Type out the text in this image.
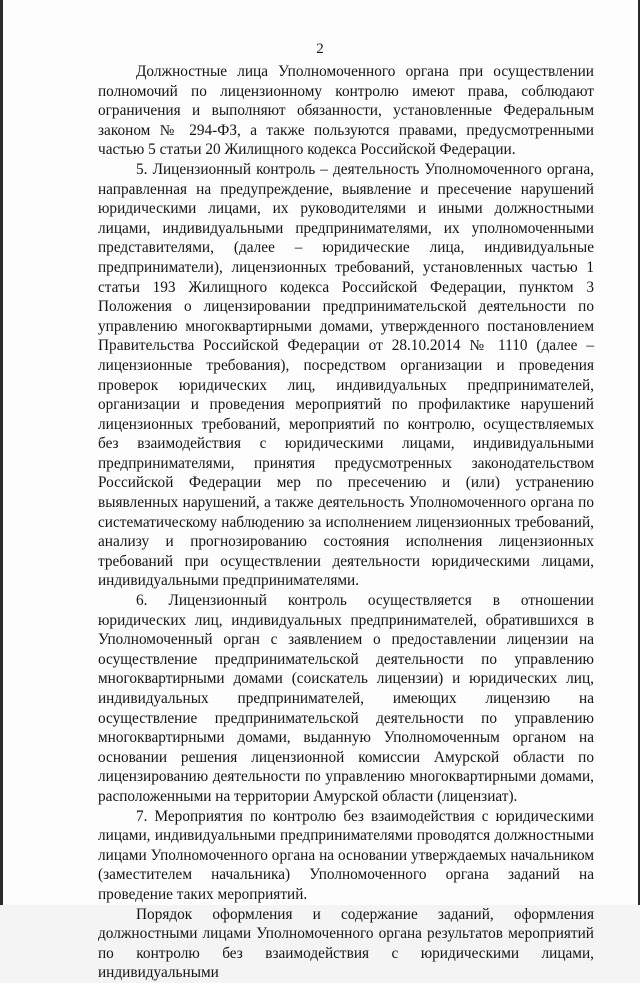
2

Должностные лица Уполномоченного органа при осуществлении полномочий по лицензионному контролю имеют права, соблюдают ограничения и выполняют обязанности, установленные Федеральным законом № 294-ФЗ, а также пользуются правами, предусмотренными частью 5 статьи 20 Жилищного кодекса Российской Федерации.

5. Лицензионный контроль – деятельность Уполномоченного органа, направленная на предупреждение, выявление и пресечение нарушений юридическими лицами, их руководителями и иными должностными лицами, индивидуальными предпринимателями, их уполномоченными представителями, (далее – юридические лица, индивидуальные предприниматели), лицензионных требований, установленных частью 1 статьи 193 Жилищного кодекса Российской Федерации, пунктом 3 Положения о лицензировании предпринимательской деятельности по управлению многоквартирными домами, утвержденного постановлением Правительства Российской Федерации от 28.10.2014 № 1110 (далее – лицензионные требования), посредством организации и проведения проверок юридических лиц, индивидуальных предпринимателей, организации и проведения мероприятий по профилактике нарушений лицензионных требований, мероприятий по контролю, осуществляемых без взаимодействия с юридическими лицами, индивидуальными предпринимателями, принятия предусмотренных законодательством Российской Федерации мер по пресечению и (или) устранению выявленных нарушений, а также деятельность Уполномоченного органа по систематическому наблюдению за исполнением лицензионных требований, анализу и прогнозированию состояния исполнения лицензионных требований при осуществлении деятельности юридическими лицами, индивидуальными предпринимателями.

6. Лицензионный контроль осуществляется в отношении юридических лиц, индивидуальных предпринимателей, обратившихся в Уполномоченный орган с заявлением о предоставлении лицензии на осуществление предпринимательской деятельности по управлению многоквартирными домами (соискатель лицензии) и юридических лиц, индивидуальных предпринимателей, имеющих лицензию на осуществление предпринимательской деятельности по управлению многоквартирными домами, выданную Уполномоченным органом на основании решения лицензионной комиссии Амурской области по лицензированию деятельности по управлению многоквартирными домами, расположенными на территории Амурской области (лицензиат).

7. Мероприятия по контролю без взаимодействия с юридическими лицами, индивидуальными предпринимателями проводятся должностными лицами Уполномоченного органа на основании утверждаемых начальником (заместителем начальника) Уполномоченного органа заданий на проведение таких мероприятий.

Порядок оформления и содержание заданий, оформления должностными лицами Уполномоченного органа результатов мероприятий по контролю без взаимодействия с юридическими лицами, индивидуальными
